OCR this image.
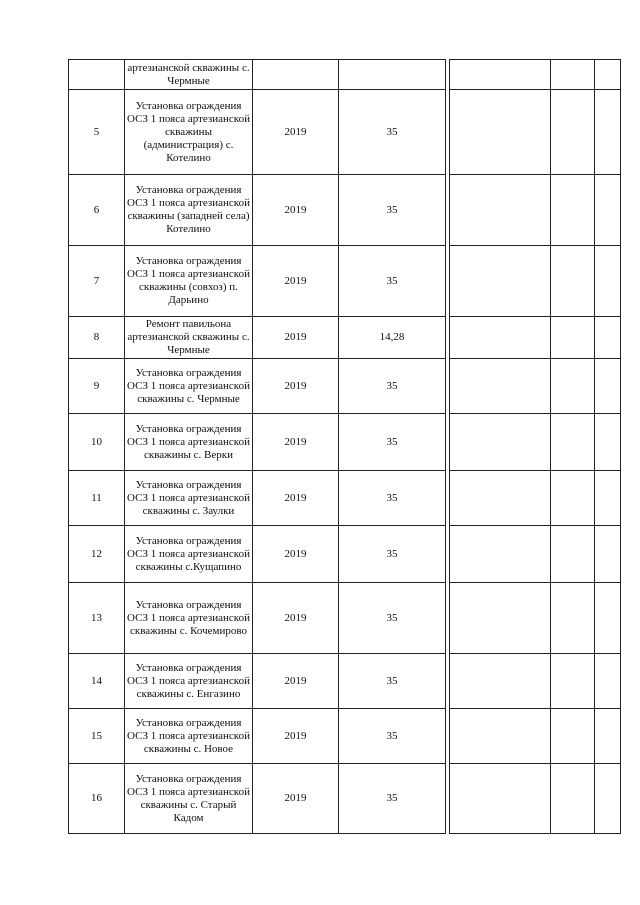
	артезианской скважины с. Чермные						

5	Установка ограждения ОСЗ 1 пояса артезианской скважины (администрация) с. Котелино	2019	35				

6	Установка ограждения ОСЗ 1 пояса артезианской скважины (западней села) Котелино	2019	35				

7	Установка ограждения ОСЗ 1 пояса артезианской скважины (совхоз) п. Дарьино	2019	35				

8	Ремонт павильона артезианской скважины с. Чермные	2019	14,28				

9	Установка ограждения ОСЗ 1 пояса артезианской скважины с. Чермные	2019	35				

10	Установка ограждения ОСЗ 1 пояса артезианской скважины с. Верки	2019	35				

11	Установка ограждения ОСЗ 1 пояса артезианской скважины с. Заулки	2019	35				

12	Установка ограждения ОСЗ 1 пояса артезианской скважины с.Кущапино	2019	35				

13	Установка ограждения ОСЗ 1 пояса артезианской скважины с. Кочемирово	2019	35				

14	Установка ограждения ОСЗ 1 пояса артезианской скважины с. Енгазино	2019	35				

15	Установка ограждения ОСЗ 1 пояса артезианской скважины с. Новое	2019	35				

16	Установка ограждения ОСЗ 1 пояса артезианской скважины с. Старый Кадом	2019	35				
